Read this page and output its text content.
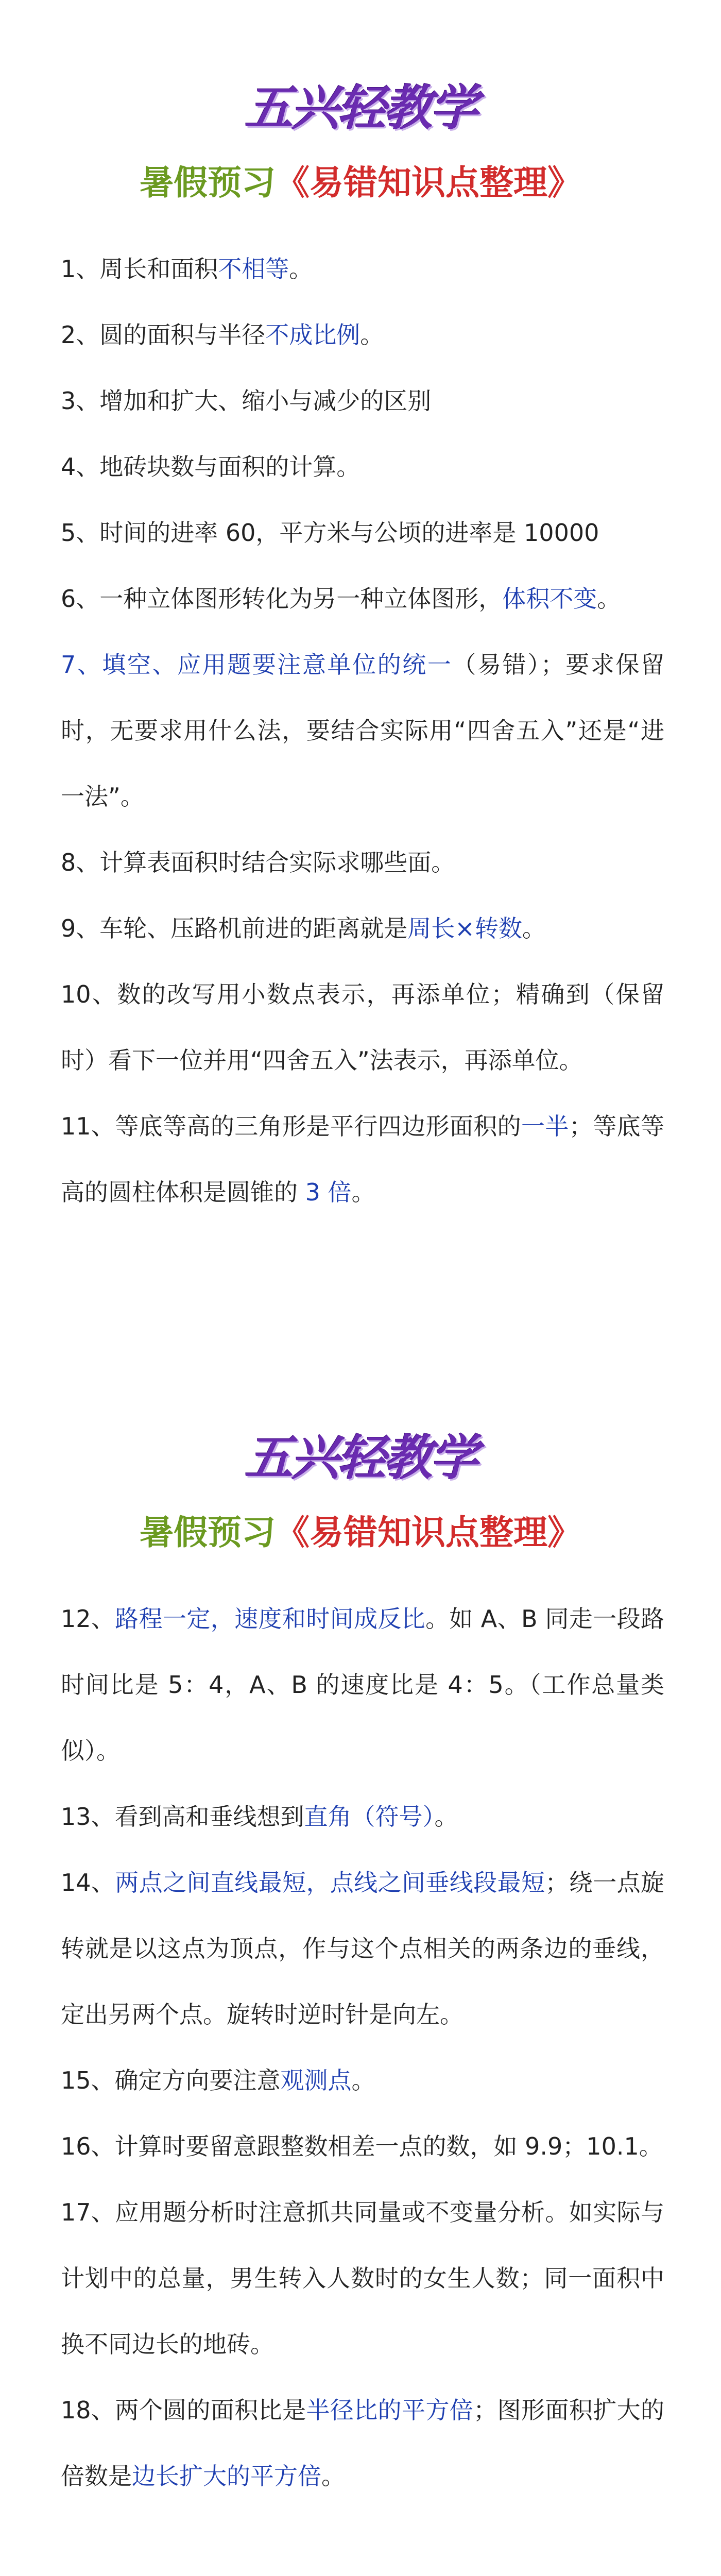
五兴轻教学
暑假预习《易错知识点整理》
1、周长和面积不相等。
2、圆的面积与半径不成比例。
3、增加和扩大、缩小与减少的区别
4、地砖块数与面积的计算。
5、时间的进率 60，平方米与公顷的进率是 10000
6、一种立体图形转化为另一种立体图形，体积不变。
7、填空、应用题要注意单位的统一（易错）；要求保留时，无要求用什么法，要结合实际用“四舍五入”还是“进一法”。
8、计算表面积时结合实际求哪些面。
9、车轮、压路机前进的距离就是周长×转数。
10、数的改写用小数点表示，再添单位；精确到（保留时）看下一位并用“四舍五入”法表示，再添单位。
11、等底等高的三角形是平行四边形面积的一半；等底等高的圆柱体积是圆锥的 3 倍。
五兴轻教学
暑假预习《易错知识点整理》
12、路程一定，速度和时间成反比。如 A、B 同走一段路时间比是 5：4，A、B 的速度比是 4：5。（工作总量类似）。
13、看到高和垂线想到直角（符号）。
14、两点之间直线最短，点线之间垂线段最短；绕一点旋转就是以这点为顶点，作与这个点相关的两条边的垂线，定出另两个点。旋转时逆时针是向左。
15、确定方向要注意观测点。
16、计算时要留意跟整数相差一点的数，如 9.9；10.1。
17、应用题分析时注意抓共同量或不变量分析。如实际与计划中的总量，男生转入人数时的女生人数；同一面积中换不同边长的地砖。
18、两个圆的面积比是半径比的平方倍；图形面积扩大的倍数是边长扩大的平方倍。
